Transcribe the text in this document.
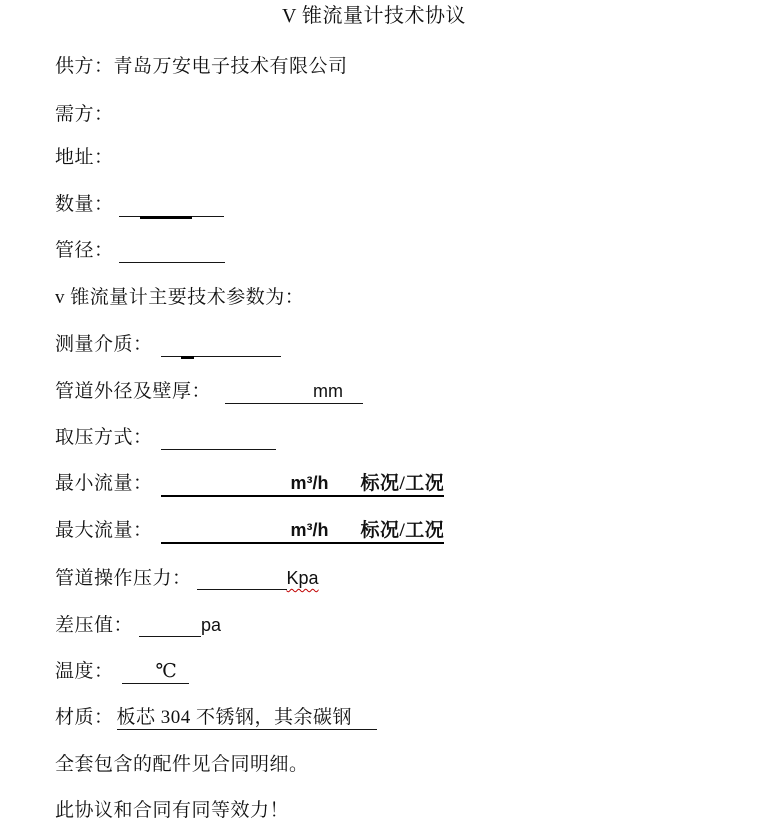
V 锥流量计技术协议
供方：青岛万安电子技术有限公司
需方：
地址：
数量：
管径：
v 锥流量计主要技术参数为：
测量介质：
管道外径及壁厚：	mm
取压方式：
最小流量：	m³/h 标况/工况
最大流量：	m³/h 标况/工况
管道操作压力：	Kpa
差压值：	pa
温度： ℃
材质： 板芯 304 不锈钢，其余碳钢
全套包含的配件见合同明细。
此协议和合同有同等效力！
